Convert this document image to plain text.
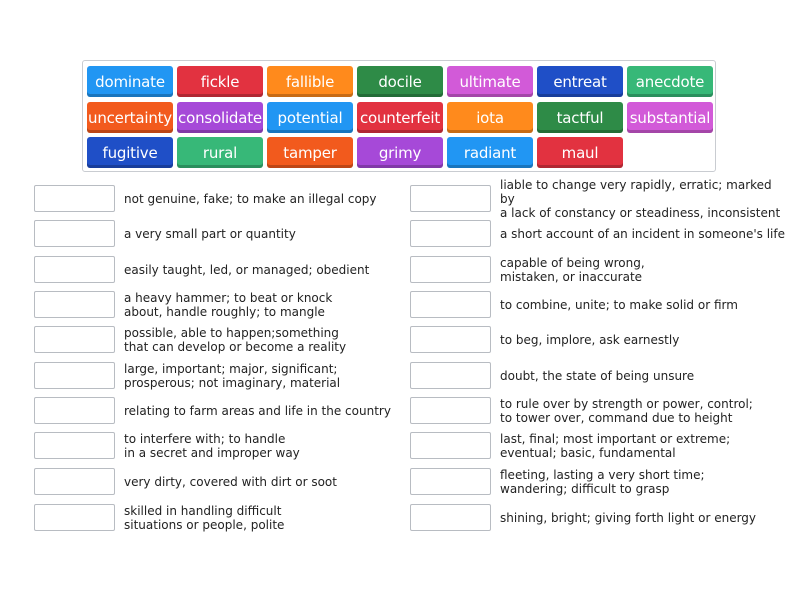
dominate	fickle	fallible	docile	ultimate	entreat	anecdote
uncertainty consolidate	potential	counterfeit	iota	tactful	substantial
fugitive	rural	tamper	grimy	radiant	maul
not genuine, fake; to make an illegal copy
a very small part or quantity
easily taught, led, or managed; obedient
a heavy hammer; to beat or knock
about, handle roughly; to mangle
possible, able to happen;something
that can develop or become a reality
large, important; major, significant;
prosperous; not imaginary, material
relating to farm areas and life in the country
to interfere with; to handle
in a secret and improper way
very dirty, covered with dirt or soot
skilled in handling difficult
situations or people, polite
liable to change very rapidly, erratic; marked by
a lack of constancy or steadiness, inconsistent
a short account of an incident in someone's life
capable of being wrong,
mistaken, or inaccurate
to combine, unite; to make solid or firm
to beg, implore, ask earnestly
doubt, the state of being unsure
to rule over by strength or power, control;
to tower over, command due to height
last, final; most important or extreme;
eventual; basic, fundamental
fleeting, lasting a very short time;
wandering; difficult to grasp
shining, bright; giving forth light or energy
